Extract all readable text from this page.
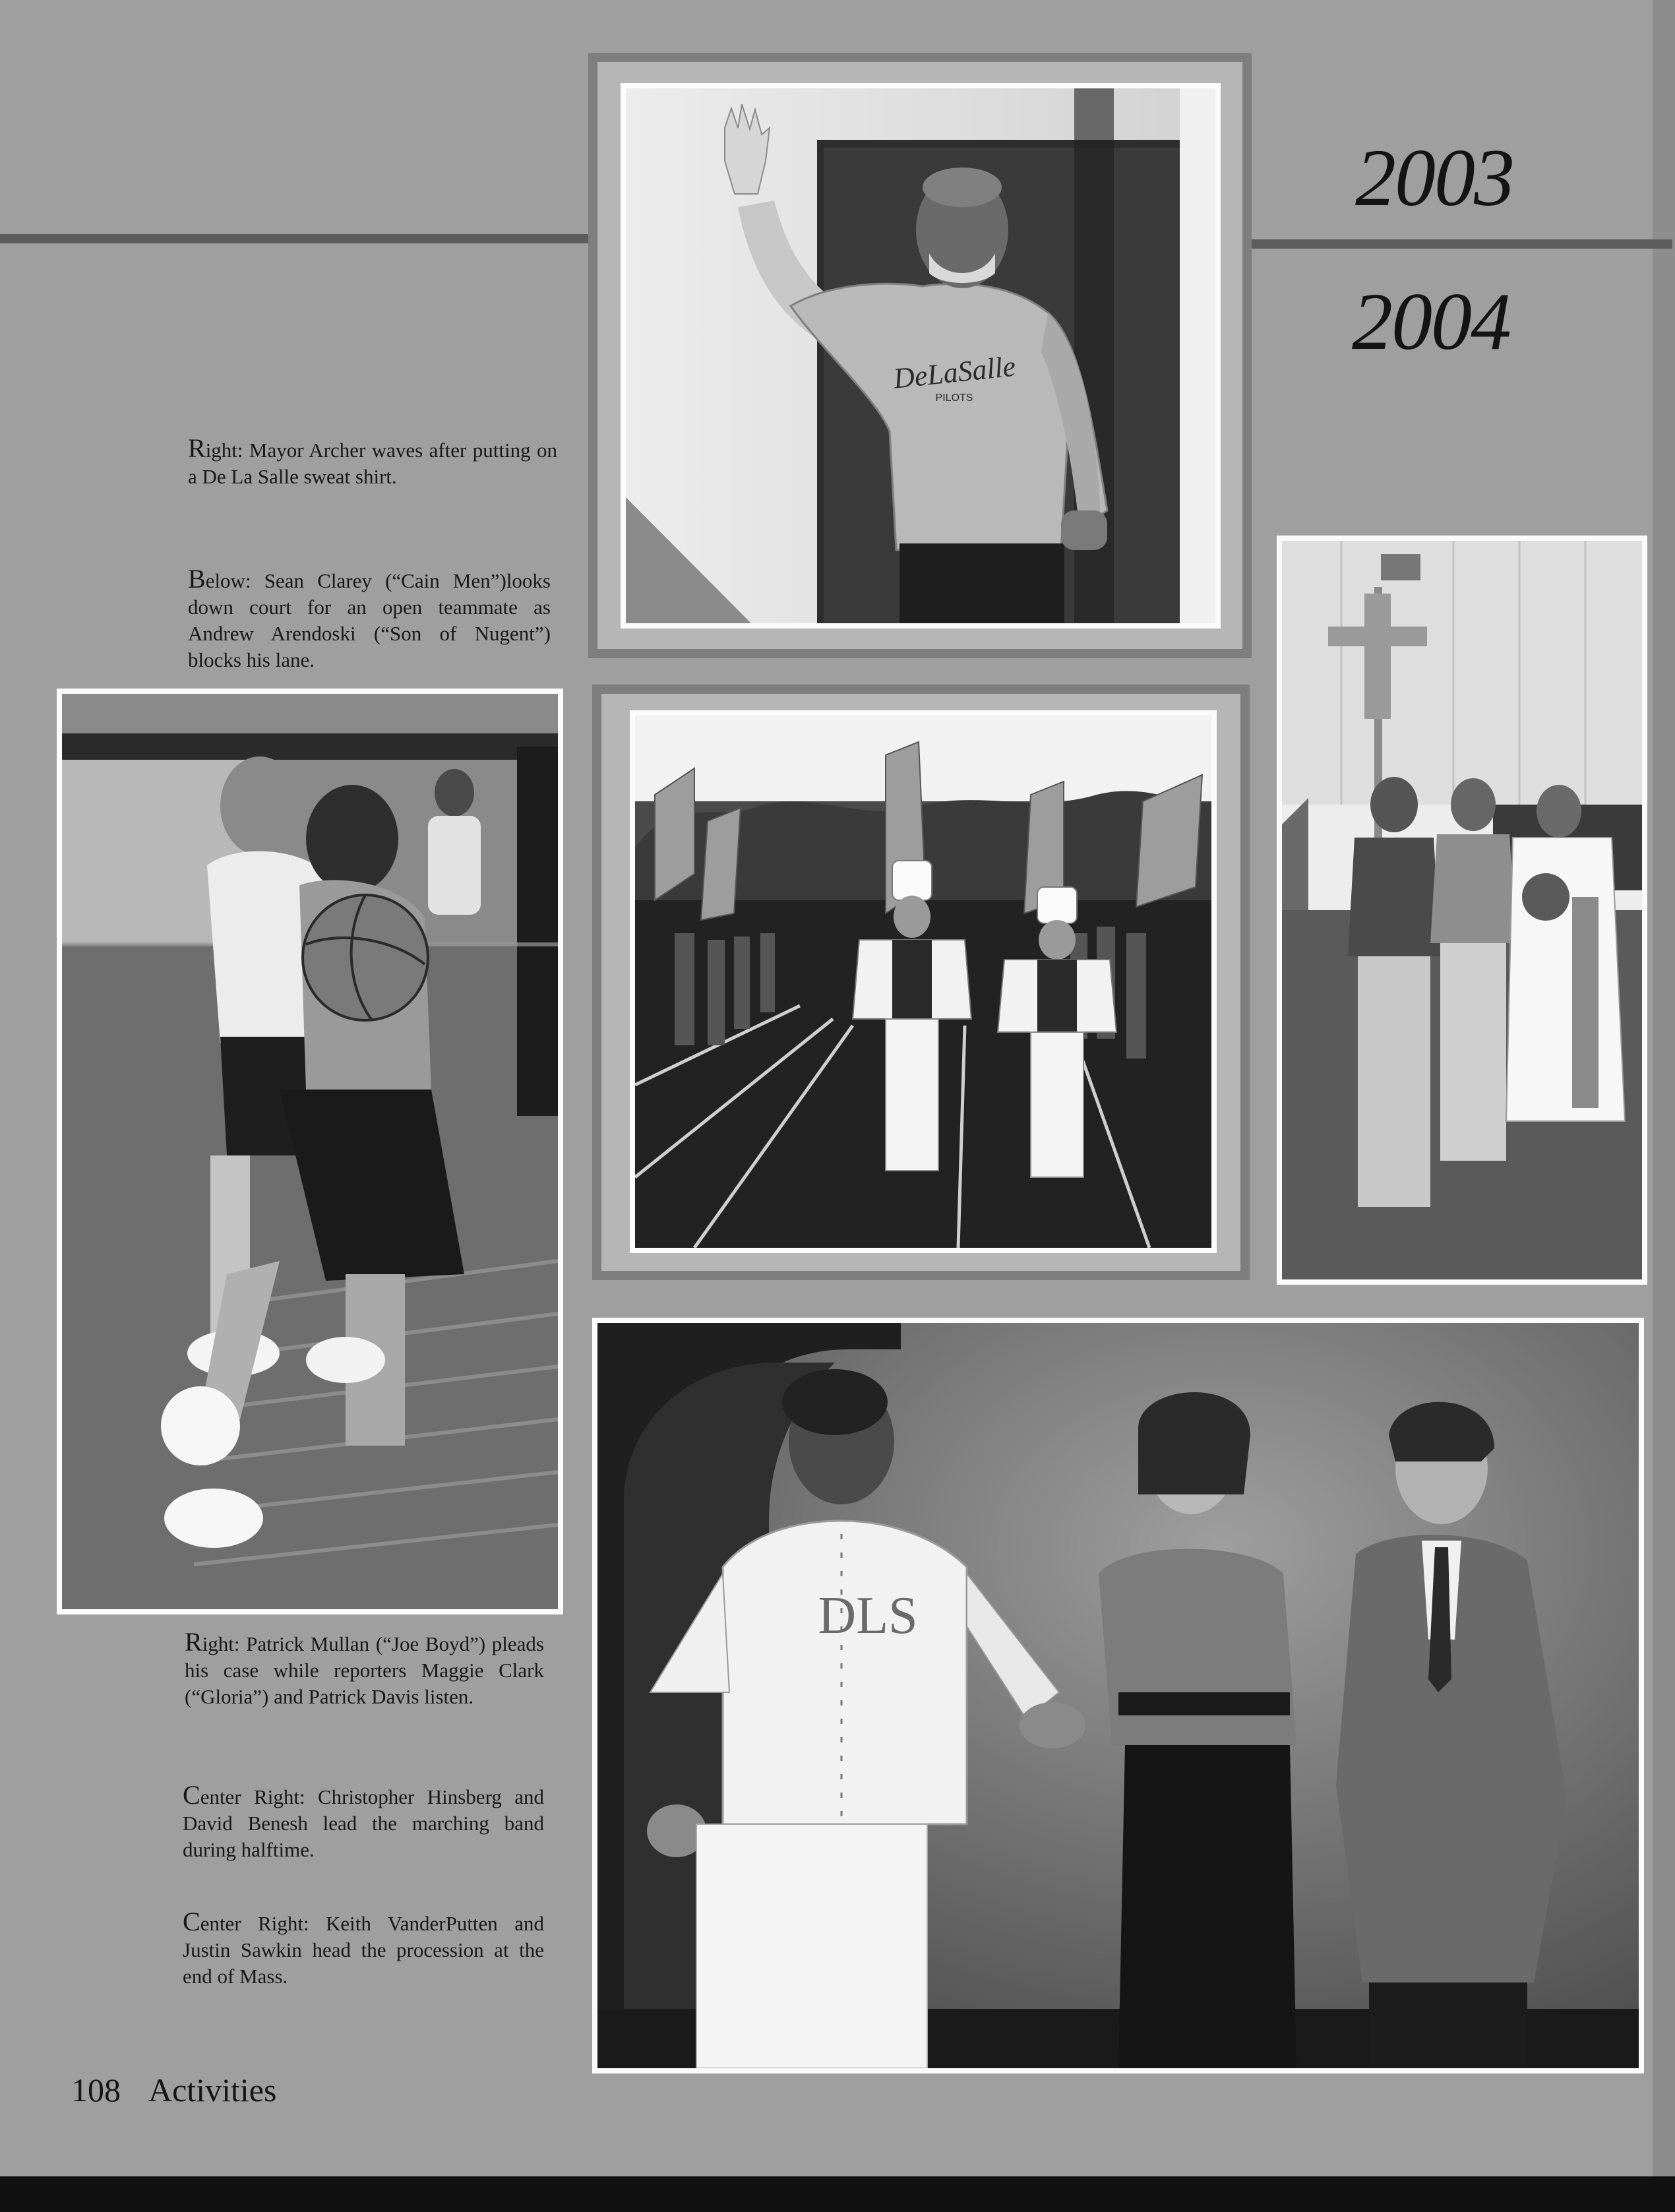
2003
2004

Right: Mayor Archer waves after putting on a De La Salle sweat shirt.

Below: Sean Clarey (“Cain Men”)looks down court for an open teammate as Andrew Arendoski (“Son of Nugent”) blocks his lane.

Right: Patrick Mullan (“Joe Boyd”) pleads his case while reporters Maggie Clark (“Gloria”) and Patrick Davis listen.

Center Right: Christopher Hinsberg and David Benesh lead the marching band during halftime.

Center Right: Keith VanderPutten and Justin Sawkin head the procession at the end of Mass.

DeLaSalle
PILOTS
DLS
108 Activities
